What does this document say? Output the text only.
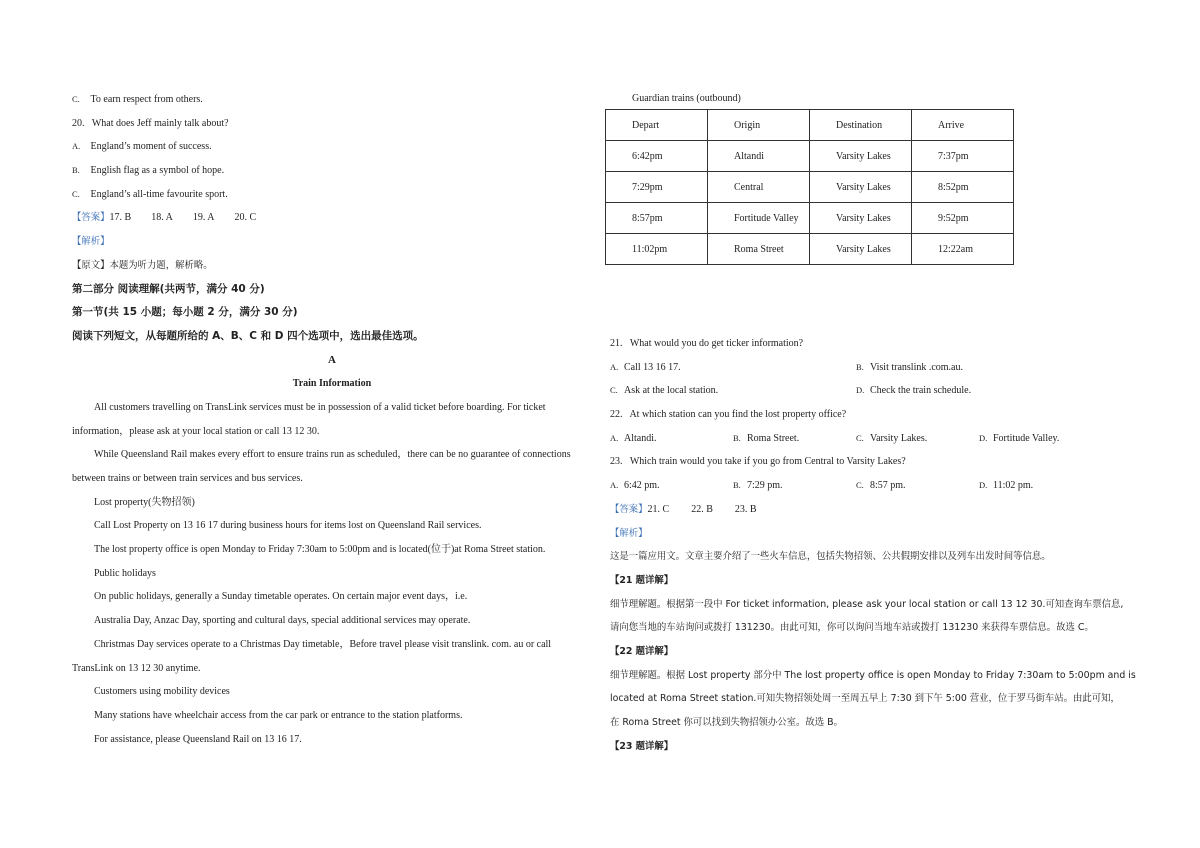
C. To earn respect from others.
20. What does Jeff mainly talk about?
A. England’s moment of success.
B. English flag as a symbol of hope.
C. England’s all-time favourite sport.
【答案】17. B 18. A 19. A 20. C
【解析】
【原文】本题为听力题，解析略。
第二部分 阅读理解(共两节，满分 40 分)
第一节(共 15 小题；每小题 2 分，满分 30 分)
阅读下列短文，从每题所给的 A、B、C 和 D 四个选项中，选出最佳选项。
A
Train Information
All customers travelling on TransLink services must be in possession of a valid ticket before boarding. For ticket
information，please ask at your local station or call 13 12 30.
While Queensland Rail makes every effort to ensure trains run as scheduled，there can be no guarantee of connections
between trains or between train services and bus services.
Lost property(失物招领)
Call Lost Property on 13 16 17 during business hours for items lost on Queensland Rail services.
The lost property office is open Monday to Friday 7:30am to 5:00pm and is located(位于)at Roma Street station.
Public holidays
On public holidays, generally a Sunday timetable operates. On certain major event days，i.e.
Australia Day, Anzac Day, sporting and cultural days, special additional services may operate.
Christmas Day services operate to a Christmas Day timetable，Before travel please visit translink. com. au or call
TransLink on 13 12 30 anytime.
Customers using mobility devices
Many stations have wheelchair access from the car park or entrance to the station platforms.
For assistance, please Queensland Rail on 13 16 17.
Guardian trains (outbound)
Depart	Origin	Destination	Arrive
6:42pm	Altandi	Varsity Lakes	7:37pm
7:29pm	Central	Varsity Lakes	8:52pm
8:57pm	Fortitude Valley	Varsity Lakes	9:52pm
11:02pm	Roma Street	Varsity Lakes	12:22am
21. What would you do get ticker information?
A. Call 13 16 17.	B. Visit translink .com.au.
C. Ask at the local station.	D. Check the train schedule.
22. At which station can you find the lost property office?
A. Altandi.	B. Roma Street.	C. Varsity Lakes.	D. Fortitude Valley.
23. Which train would you take if you go from Central to Varsity Lakes?
A. 6:42 pm.	B. 7:29 pm.	C. 8:57 pm.	D. 11:02 pm.
【答案】21. C 22. B 23. B
【解析】
这是一篇应用文。文章主要介绍了一些火车信息，包括失物招领、公共假期安排以及列车出发时间等信息。
【21 题详解】
细节理解题。根据第一段中 For ticket information, please ask your local station or call 13 12 30.可知查询车票信息,
请向您当地的车站询问或拨打 131230。由此可知，你可以询问当地车站或拨打 131230 来获得车票信息。故选 C。
【22 题详解】
细节理解题。根据 Lost property 部分中 The lost property office is open Monday to Friday 7:30am to 5:00pm and is
located at Roma Street station.可知失物招领处周一至周五早上 7:30 到下午 5:00 营业，位于罗马街车站。由此可知，
在 Roma Street 你可以找到失物招领办公室。故选 B。
【23 题详解】
